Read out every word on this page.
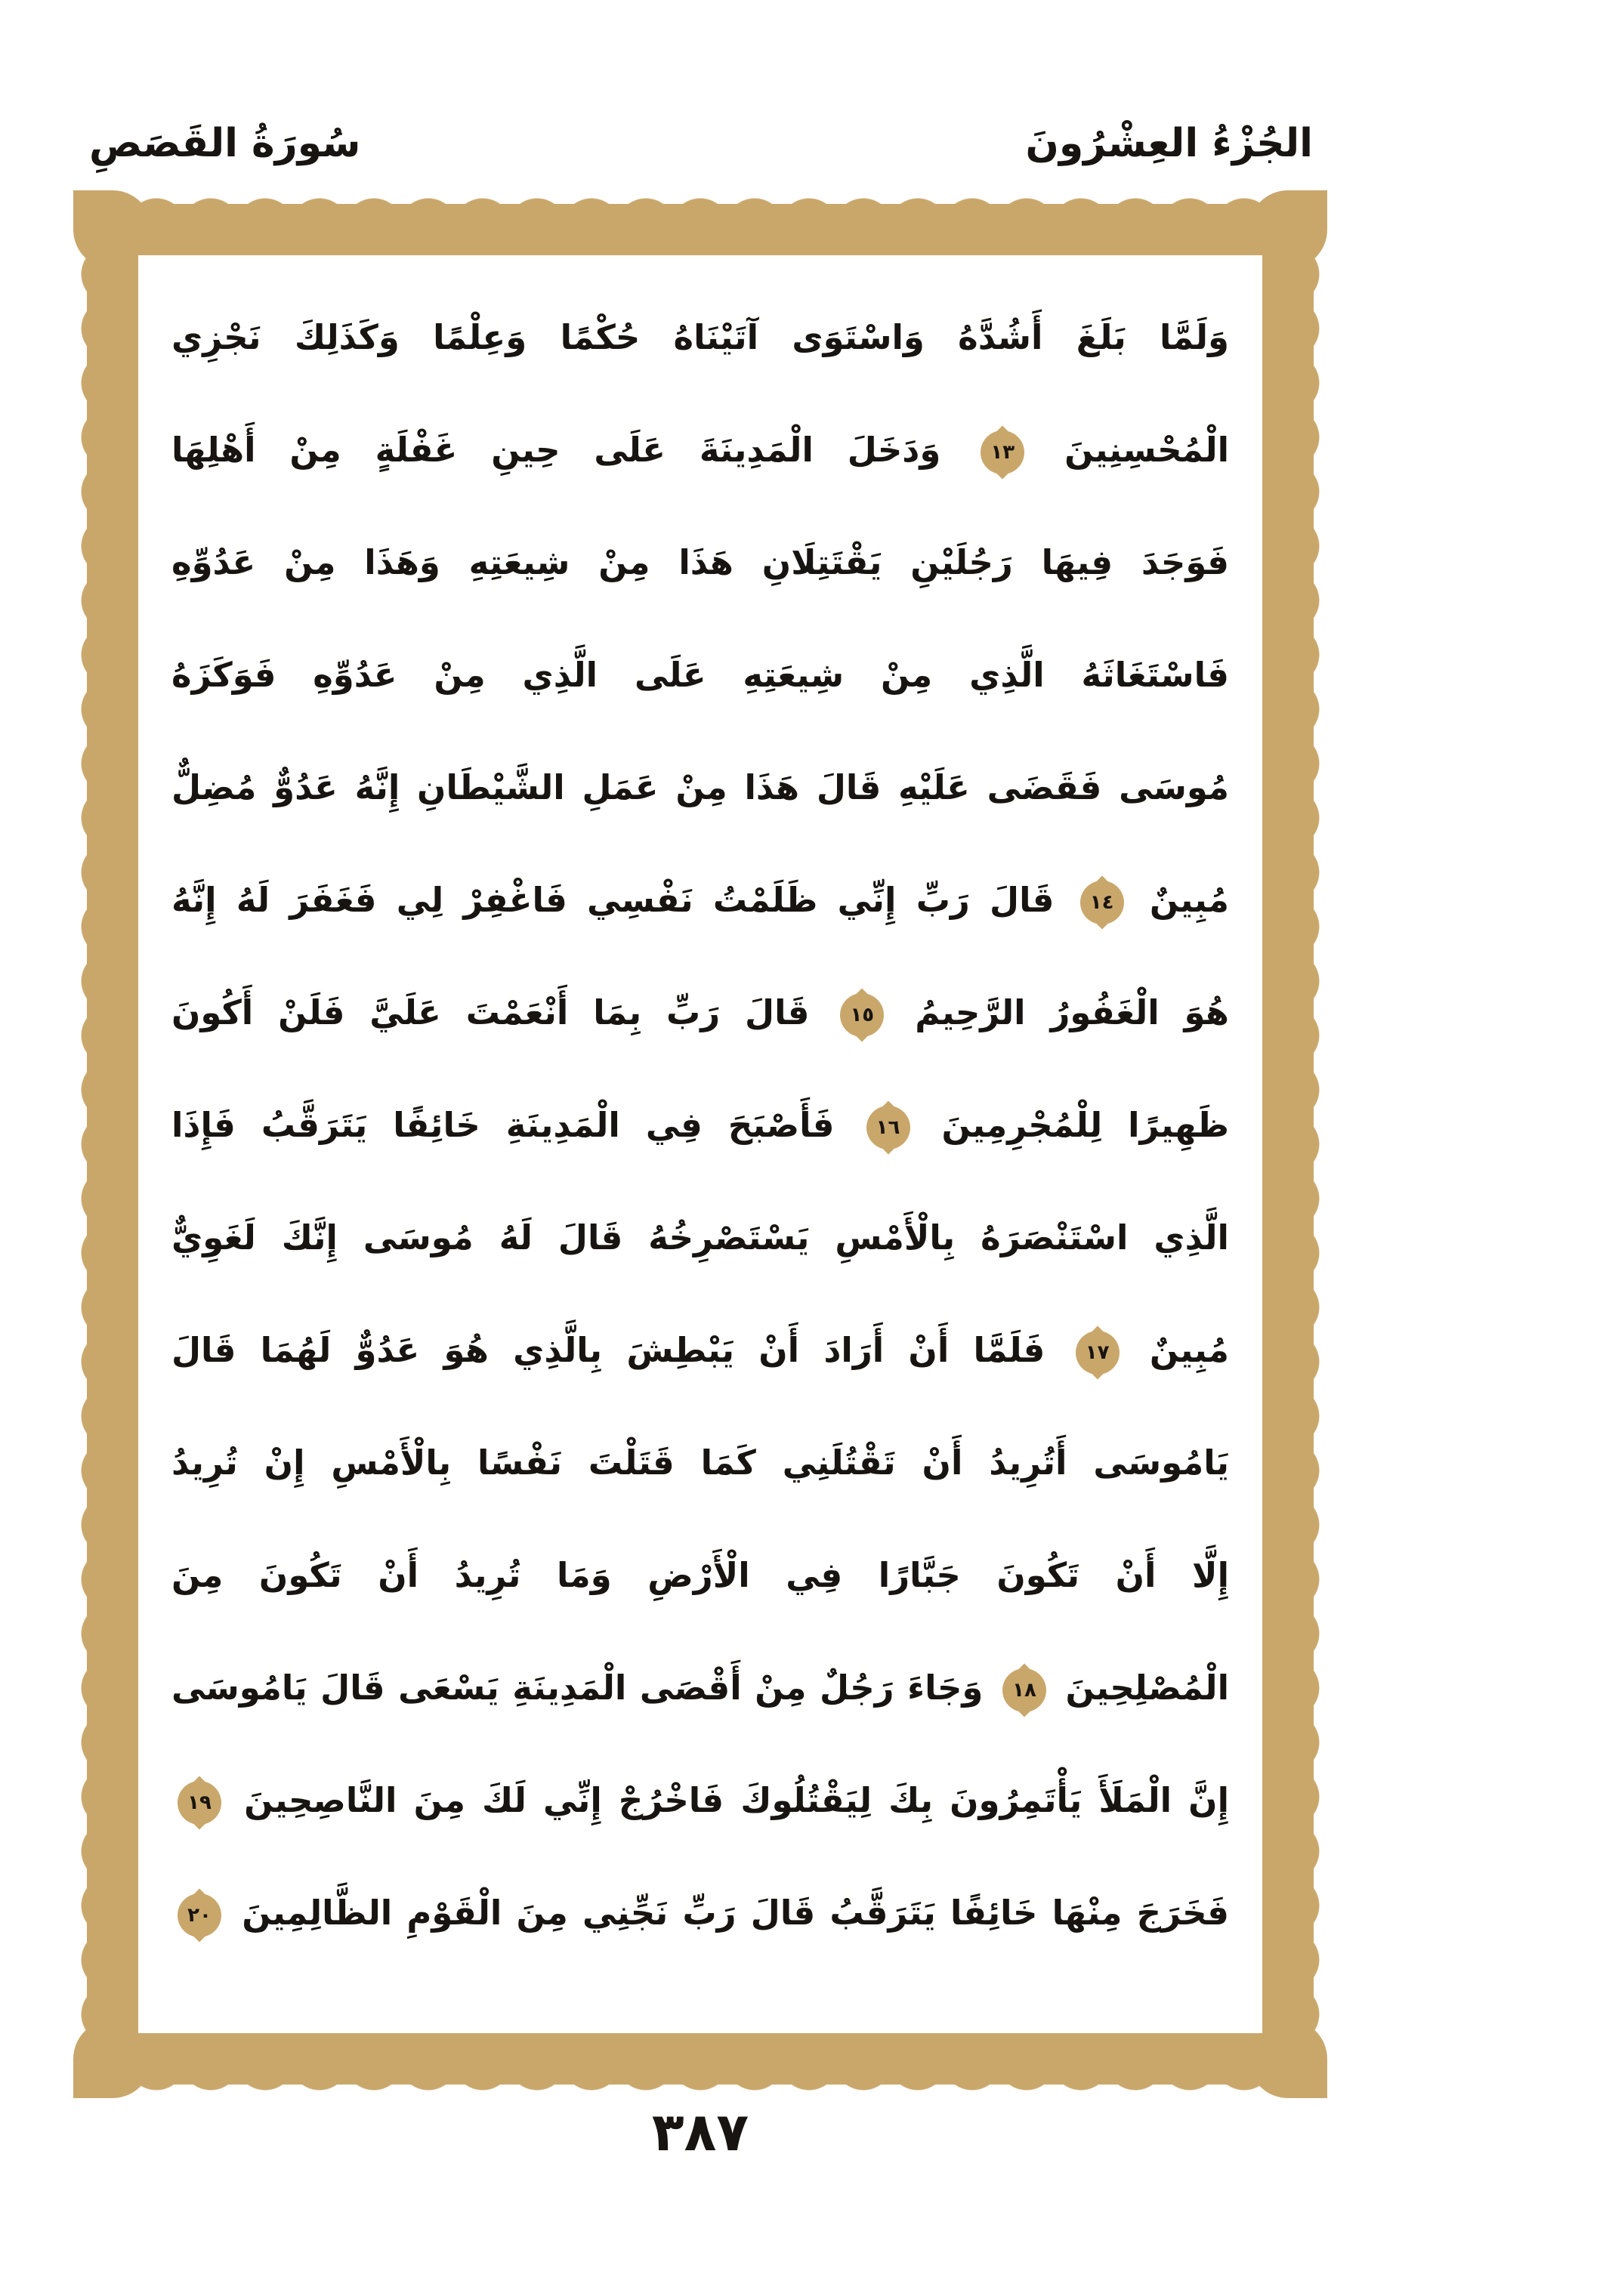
سُورَةُ القَصَصِ	الجُزْءُ العِشْرُونَ
وَلَمَّا بَلَغَ أَشُدَّهُ وَاسْتَوَى آتَيْنَاهُ حُكْمًا وَعِلْمًا وَكَذَلِكَ نَجْزِي
الْمُحْسِنِينَ
١٣
وَدَخَلَ الْمَدِينَةَ عَلَى حِينِ غَفْلَةٍ مِنْ أَهْلِهَا
فَوَجَدَ فِيهَا رَجُلَيْنِ يَقْتَتِلَانِ هَذَا مِنْ شِيعَتِهِ وَهَذَا مِنْ عَدُوِّهِ
فَاسْتَغَاثَهُ الَّذِي مِنْ شِيعَتِهِ عَلَى الَّذِي مِنْ عَدُوِّهِ فَوَكَزَهُ
مُوسَى فَقَضَى عَلَيْهِ قَالَ هَذَا مِنْ عَمَلِ الشَّيْطَانِ إِنَّهُ عَدُوٌّ مُضِلٌّ
مُبِينٌ
١٤
قَالَ رَبِّ إِنِّي ظَلَمْتُ نَفْسِي فَاغْفِرْ لِي فَغَفَرَ لَهُ إِنَّهُ
هُوَ الْغَفُورُ الرَّحِيمُ
١٥
قَالَ رَبِّ بِمَا أَنْعَمْتَ عَلَيَّ فَلَنْ أَكُونَ
ظَهِيرًا لِلْمُجْرِمِينَ
١٦
فَأَصْبَحَ فِي الْمَدِينَةِ خَائِفًا يَتَرَقَّبُ فَإِذَا
الَّذِي اسْتَنْصَرَهُ بِالْأَمْسِ يَسْتَصْرِخُهُ قَالَ لَهُ مُوسَى إِنَّكَ لَغَوِيٌّ
مُبِينٌ
١٧
فَلَمَّا أَنْ أَرَادَ أَنْ يَبْطِشَ بِالَّذِي هُوَ عَدُوٌّ لَهُمَا قَالَ
يَامُوسَى أَتُرِيدُ أَنْ تَقْتُلَنِي كَمَا قَتَلْتَ نَفْسًا بِالْأَمْسِ إِنْ تُرِيدُ
إِلَّا أَنْ تَكُونَ جَبَّارًا فِي الْأَرْضِ وَمَا تُرِيدُ أَنْ تَكُونَ مِنَ
الْمُصْلِحِينَ
١٨
وَجَاءَ رَجُلٌ مِنْ أَقْصَى الْمَدِينَةِ يَسْعَى قَالَ يَامُوسَى
إِنَّ الْمَلَأَ يَأْتَمِرُونَ بِكَ لِيَقْتُلُوكَ فَاخْرُجْ إِنِّي لَكَ مِنَ النَّاصِحِينَ
١٩
فَخَرَجَ مِنْهَا خَائِفًا يَتَرَقَّبُ قَالَ رَبِّ نَجِّنِي مِنَ الْقَوْمِ الظَّالِمِينَ
٢٠
٣٨٧
